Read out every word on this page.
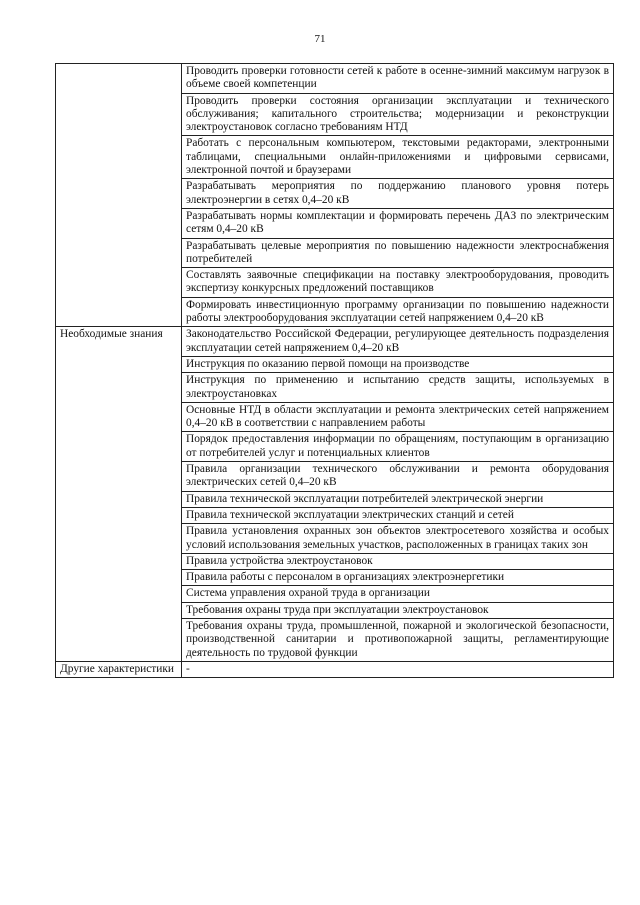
71
	Проводить проверки готовности сетей к работе в осенне-зимний максимум нагрузок в объеме своей компетенции
	Проводить проверки состояния организации эксплуатации и технического обслуживания; капитального строительства; модернизации и реконструкции электроустановок согласно требованиям НТД
	Работать с персональным компьютером, текстовыми редакторами, электронными таблицами, специальными онлайн-приложениями и цифровыми сервисами, электронной почтой и браузерами
	Разрабатывать мероприятия по поддержанию планового уровня потерь электроэнергии в сетях 0,4–20 кВ
	Разрабатывать нормы комплектации и формировать перечень ДАЗ по электрическим сетям 0,4–20 кВ
	Разрабатывать целевые мероприятия по повышению надежности электроснабжения потребителей
	Составлять заявочные спецификации на поставку электрооборудования, проводить экспертизу конкурсных предложений поставщиков
	Формировать инвестиционную программу организации по повышению надежности работы электрооборудования эксплуатации сетей напряжением 0,4–20 кВ
Необходимые знания	Законодательство Российской Федерации, регулирующее деятельность подразделения эксплуатации сетей напряжением 0,4–20 кВ
	Инструкция по оказанию первой помощи на производстве
	Инструкция по применению и испытанию средств защиты, используемых в электроустановках
	Основные НТД в области эксплуатации и ремонта электрических сетей напряжением 0,4–20 кВ в соответствии с направлением работы
	Порядок предоставления информации по обращениям, поступающим в организацию от потребителей услуг и потенциальных клиентов
	Правила организации технического обслуживании и ремонта оборудования электрических сетей 0,4–20 кВ
	Правила технической эксплуатации потребителей электрической энергии
	Правила технической эксплуатации электрических станций и сетей
	Правила установления охранных зон объектов электросетевого хозяйства и особых условий использования земельных участков, расположенных в границах таких зон
	Правила устройства электроустановок
	Правила работы с персоналом в организациях электроэнергетики
	Система управления охраной труда в организации
	Требования охраны труда при эксплуатации электроустановок
	Требования охраны труда, промышленной, пожарной и экологической безопасности, производственной санитарии и противопожарной защиты, регламентирующие деятельность по трудовой функции
Другие характеристики	-
